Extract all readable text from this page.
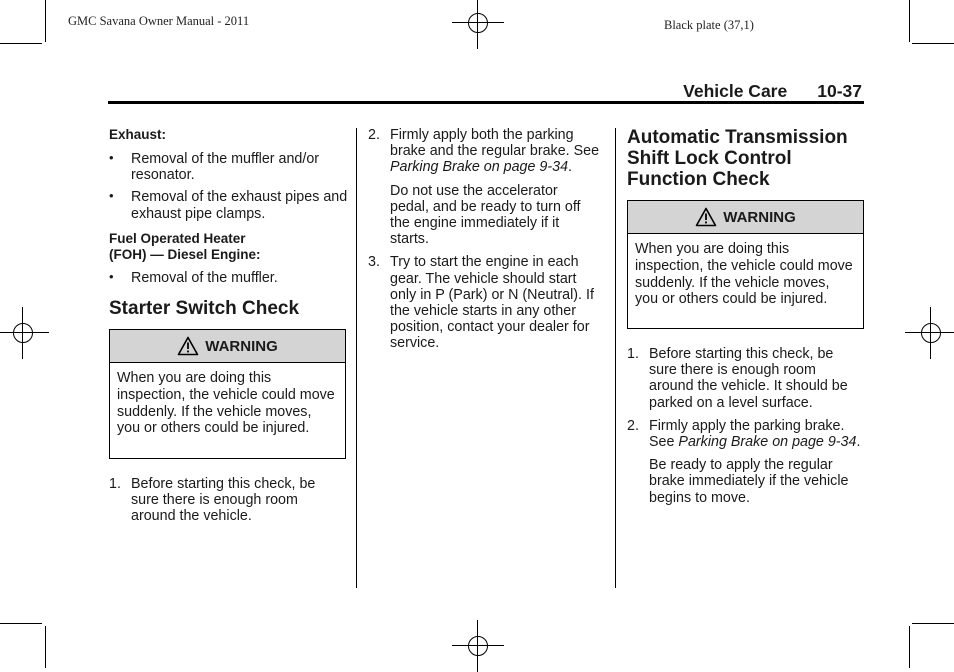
GMC Savana Owner Manual - 2011	Black plate (37,1)
Vehicle Care 10-37

Exhaust:

• Removal of the muffler and/or resonator.
• Removal of the exhaust pipes and exhaust pipe clamps.

Fuel Operated Heater

(FOH) — Diesel Engine:

• Removal of the muffler.
Starter Switch Check
WARNING
When you are doing this inspection, the vehicle could move suddenly. If the vehicle moves, you or others could be injured.
1. Before starting this check, be sure there is enough room around the vehicle.
2. Firmly apply both the parking brake and the regular brake. See Parking Brake on page 9-34.

Do not use the accelerator pedal, and be ready to turn off the engine immediately if it starts.

3. Try to start the engine in each gear. The vehicle should start only in P (Park) or N (Neutral). If the vehicle starts in any other position, contact your dealer for service.
Automatic Transmission Shift Lock Control Function Check
WARNING
When you are doing this inspection, the vehicle could move suddenly. If the vehicle moves, you or others could be injured.
1. Before starting this check, be sure there is enough room around the vehicle. It should be parked on a level surface.
2. Firmly apply the parking brake. See Parking Brake on page 9-34.

Be ready to apply the regular brake immediately if the vehicle begins to move.
